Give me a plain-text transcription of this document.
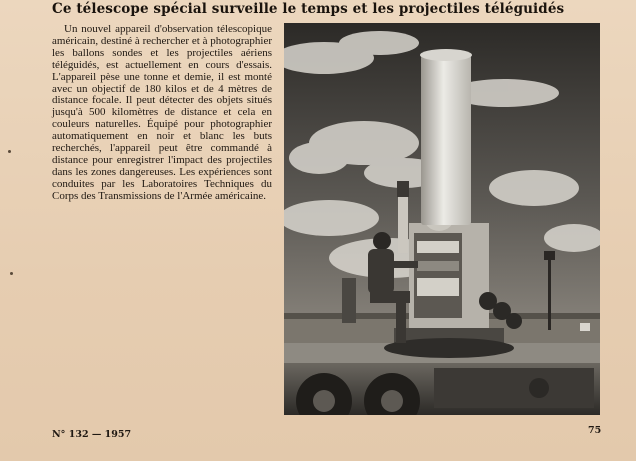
Ce télescope spécial surveille le temps et les projectiles téléguidés
Un nouvel appareil d'observation télescopique américain, destiné à rechercher et à photographier les ballons sondes et les projectiles aériens téléguidés, est actuellement en cours d'essais. L'appareil pèse une tonne et demie, il est monté avec un objectif de 180 kilos et de 4 mètres de distance focale. Il peut détecter des objets situés jusqu'à 500 kilomètres de distance et cela en couleurs naturelles. Équipé pour photographier automatiquement en noir et blanc les buts recherchés, l'appareil peut être commandé à distance pour enregistrer l'impact des projectiles dans les zones dangereuses. Les expériences sont conduites par les Laboratoires Techniques du Corps des Transmissions de l'Armée américaine.
N° 132 — 1957	75
